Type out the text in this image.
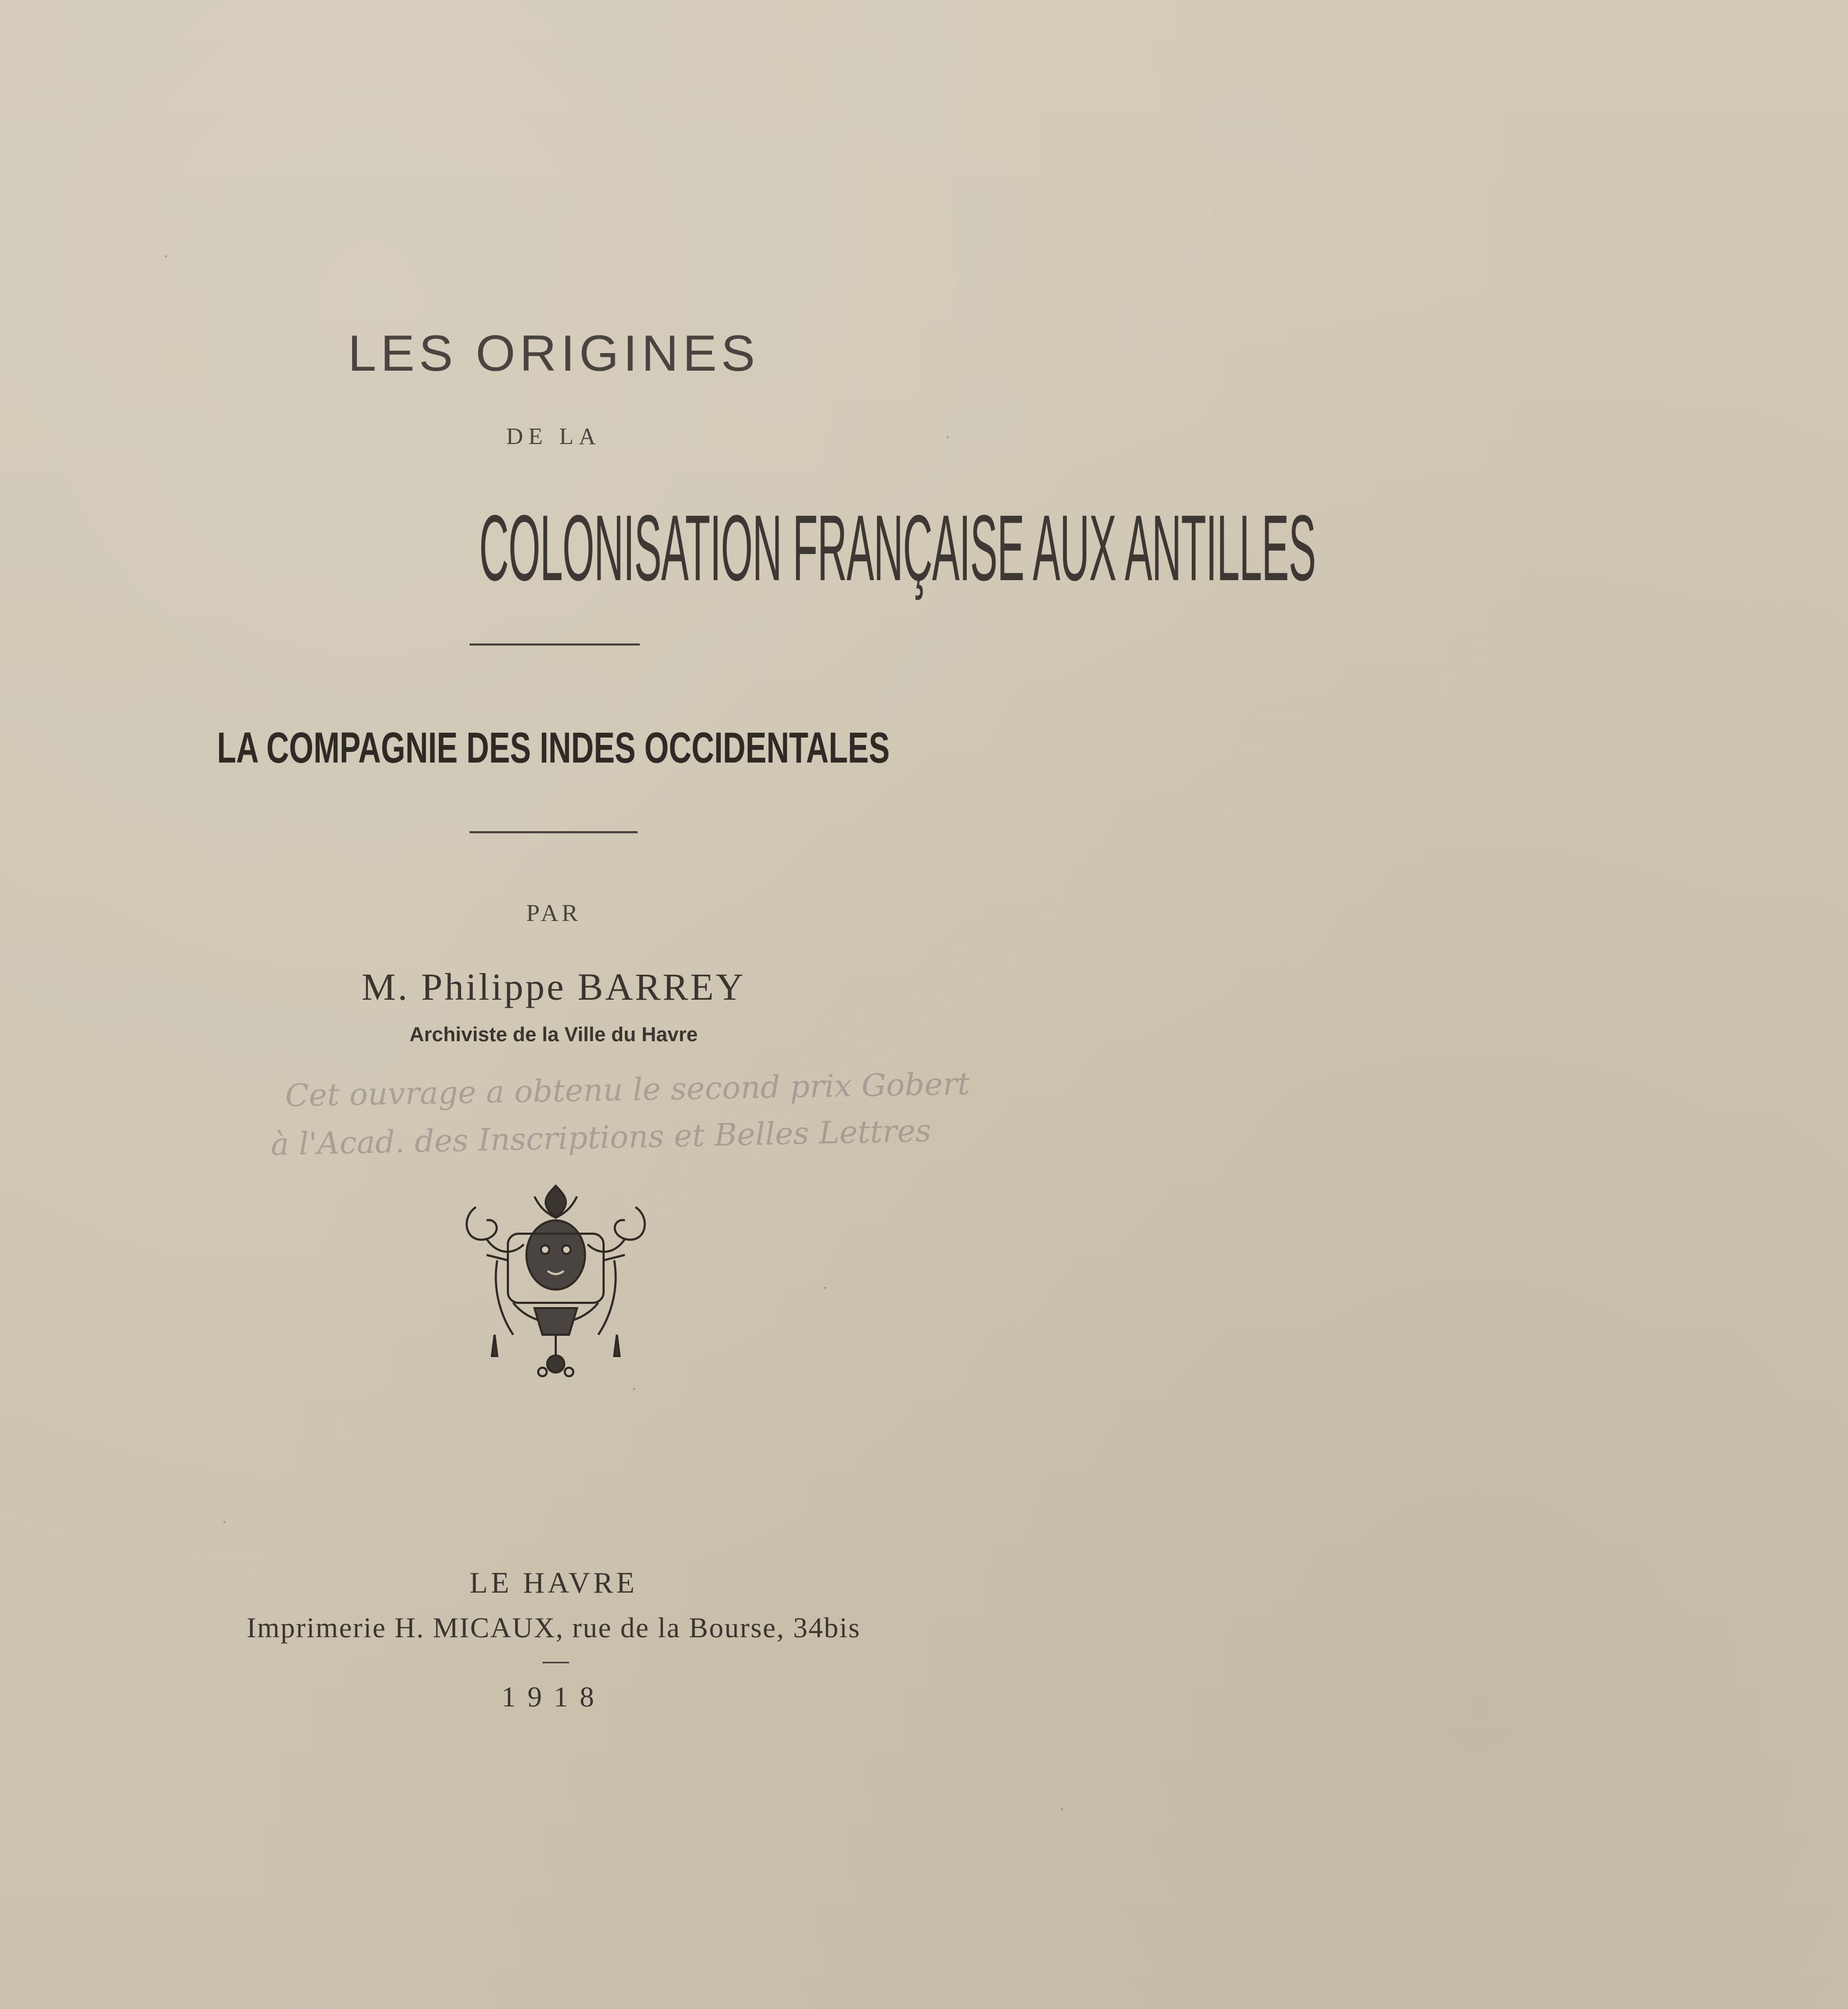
LES ORIGINES
DE LA
COLONISATION FRANÇAISE AUX ANTILLES
LA COMPAGNIE DES INDES OCCIDENTALES
PAR
M. Philippe BARREY
Archiviste de la Ville du Havre
Cet ouvrage a obtenu le second prix Gobert
à l'Acad. des Inscriptions et Belles Lettres
LE HAVRE
Imprimerie H. MICAUX, rue de la Bourse, 34bis
1918
